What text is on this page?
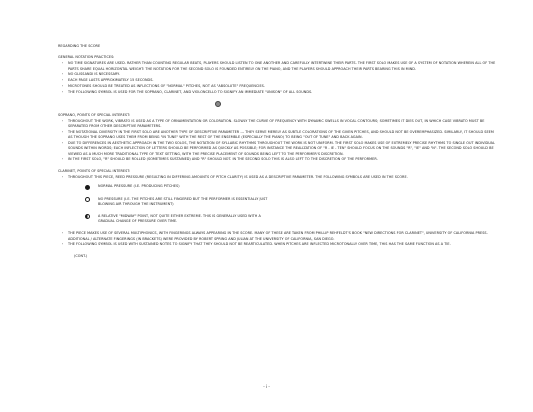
REGARDING THE SCORE
GENERAL NOTATION PRACTICES:
· NO TIME SIGNATURES ARE USED. RATHER THAN COUNTING REGULAR BEATS, PLAYERS SHOULD LISTEN TO ONE ANOTHER AND CAREFULLY INTERTWINE THEIR PARTS. THE FIRST SOLO MAKES USE OF A SYSTEM OF NOTATION WHEREIN ALL OF THE PARTS SHARE EQUAL HORIZONTAL WEIGHT: THE NOTATION FOR THE SECOND SOLO IS FOUNDED ENTIRELY ON THE PIANO, AND THE PLAYERS SHOULD APPROACH THEIR PARTS BEARING THIS IN MIND.
· NO GLISSANDI IS NECESSARY.
· EACH PAGE LASTS APPROXIMATELY 15 SECONDS.
· MICROTONES SHOULD BE TREATED AS INFLECTIONS OF "NORMAL" PITCHES, NOT AS "ABSOLUTE" FREQUENCIES.
· THE FOLLOWING SYMBOL IS USED FOR THE SOPRANO, CLARINET, AND VIOLONCELLO TO SIGNIFY AN IMMEDIATE "UNISON" OF ALL SOUNDS.
SOPRANO, POINTS OF SPECIAL INTEREST:
· THROUGHOUT THE WORK, VIBRATO IS USED AS A TYPE OF ORNAMENTATION OR COLORATION. SLOWLY THE CURVE OF FREQUENCY WITH DYNAMIC SWELLS IN VOCAL CONTOURS; SOMETIMES IT DIES OUT, IN WHICH CASE VIBRATO MUST BE SEPARATED FROM OTHER DESCRIPTIVE PARAMETERS.
· THE NOTATIONAL DIVERSITY IN THE FIRST SOLO ARE ANOTHER TYPE OF DESCRIPTIVE PARAMETER --- THEY SERVE MERELY AS SUBTLE COLORATIONS OF THE GIVEN PITCHES, AND SHOULD NOT BE OVEREMPHASIZED. SIMILARLY, IT SHOULD SEEM AS THOUGH THE SOPRANO USES THEM FROM BEING "IN TUNE" WITH THE REST OF THE ENSEMBLE (ESPECIALLY THE PIANO) TO BEING "OUT OF TUNE" AND BACK AGAIN.
· DUE TO DIFFERENCES IN AESTHETIC APPROACH IN THE TWO SOLOS, THE NOTATION OF SYLLABIC RHYTHMS THROUGHOUT THE WORK IS NOT UNIFORM. THE FIRST SOLO MAKES USE OF EXTREMELY PRECISE RHYTHMS TO SINGLE OUT INDIVIDUAL SOUNDS WITHIN WORDS; EACH INFLECTION OF LETTERS SHOULD BE PERFORMED AS QUICKLY AS POSSIBLE; FOR INSTANCE THE REALIZATION OF "R - IE - TEN" SHOULD FOCUS ON THE SOUNDS "R", "IE" AND "N". THE SECOND SOLO SHOULD BE VIEWED AS A MUCH MORE TRADITIONAL TYPE OF TEXT SETTING, WITH THE PRECISE PLACEMENT OF SOUNDS BEING LEFT TO THE PERFORMER'S DISCRETION.
· IN THE FIRST SOLO, "R" SHOULD BE ROLLED (SOMETIMES SUSTAINED) AND "R" SHOULD NOT. IN THE SECOND SOLO THIS IS ALSO LEFT TO THE DISCRETION OF THE PERFORMER.
CLARINET, POINTS OF SPECIAL INTEREST:
· THROUGHOUT THIS PIECE, REED PRESSURE (RESULTING IN DIFFERING AMOUNTS OF PITCH CLARITY) IS USED AS A DESCRIPTIVE PARAMETER. THE FOLLOWING SYMBOLS ARE USED IN THE SCORE.
NORMAL PRESSURE (I.E. PRODUCING PITCHES)
NO PRESSURE (I.E. THE PITCHES ARE STILL FINGERED BUT THE PERFORMER IS ESSENTIALLY JUST BLOWING AIR THROUGH THE INSTRUMENT)
A RELATIVE "MIDWAY" POINT, NOT QUITE EITHER EXTREME. THIS IS GENERALLY USED WITH A GRADUAL CHANGE OF PRESSURE OVER TIME.
· THE PIECE MAKES USE OF SEVERAL MULTIPHONICS, WITH FINGERINGS ALWAYS APPEARING IN THE SCORE. MANY OF THESE ARE TAKEN FROM PHILLIP REHFELDT'S BOOK "NEW DIRECTIONS FOR CLARINET", UNIVERSITY OF CALIFORNIA PRESS. ADDITIONAL / ALTERNATE FINGERINGS (IN BRACKETS) WERE PROVIDED BY ROBERT SPRING AND JULIAN AT THE UNIVERSITY OF CALIFORNIA, SAN DIEGO.
· THE FOLLOWING SYMBOL IS USED WITH SUSTAINED NOTES TO SIGNIFY THAT THEY SHOULD NOT BE REARTICULATED. WHEN PITCHES ARE INFLECTED MICROTONALLY OVER TIME, THIS HAS THE SAME FUNCTION AS A TIE.
(CONT.)
- i -
